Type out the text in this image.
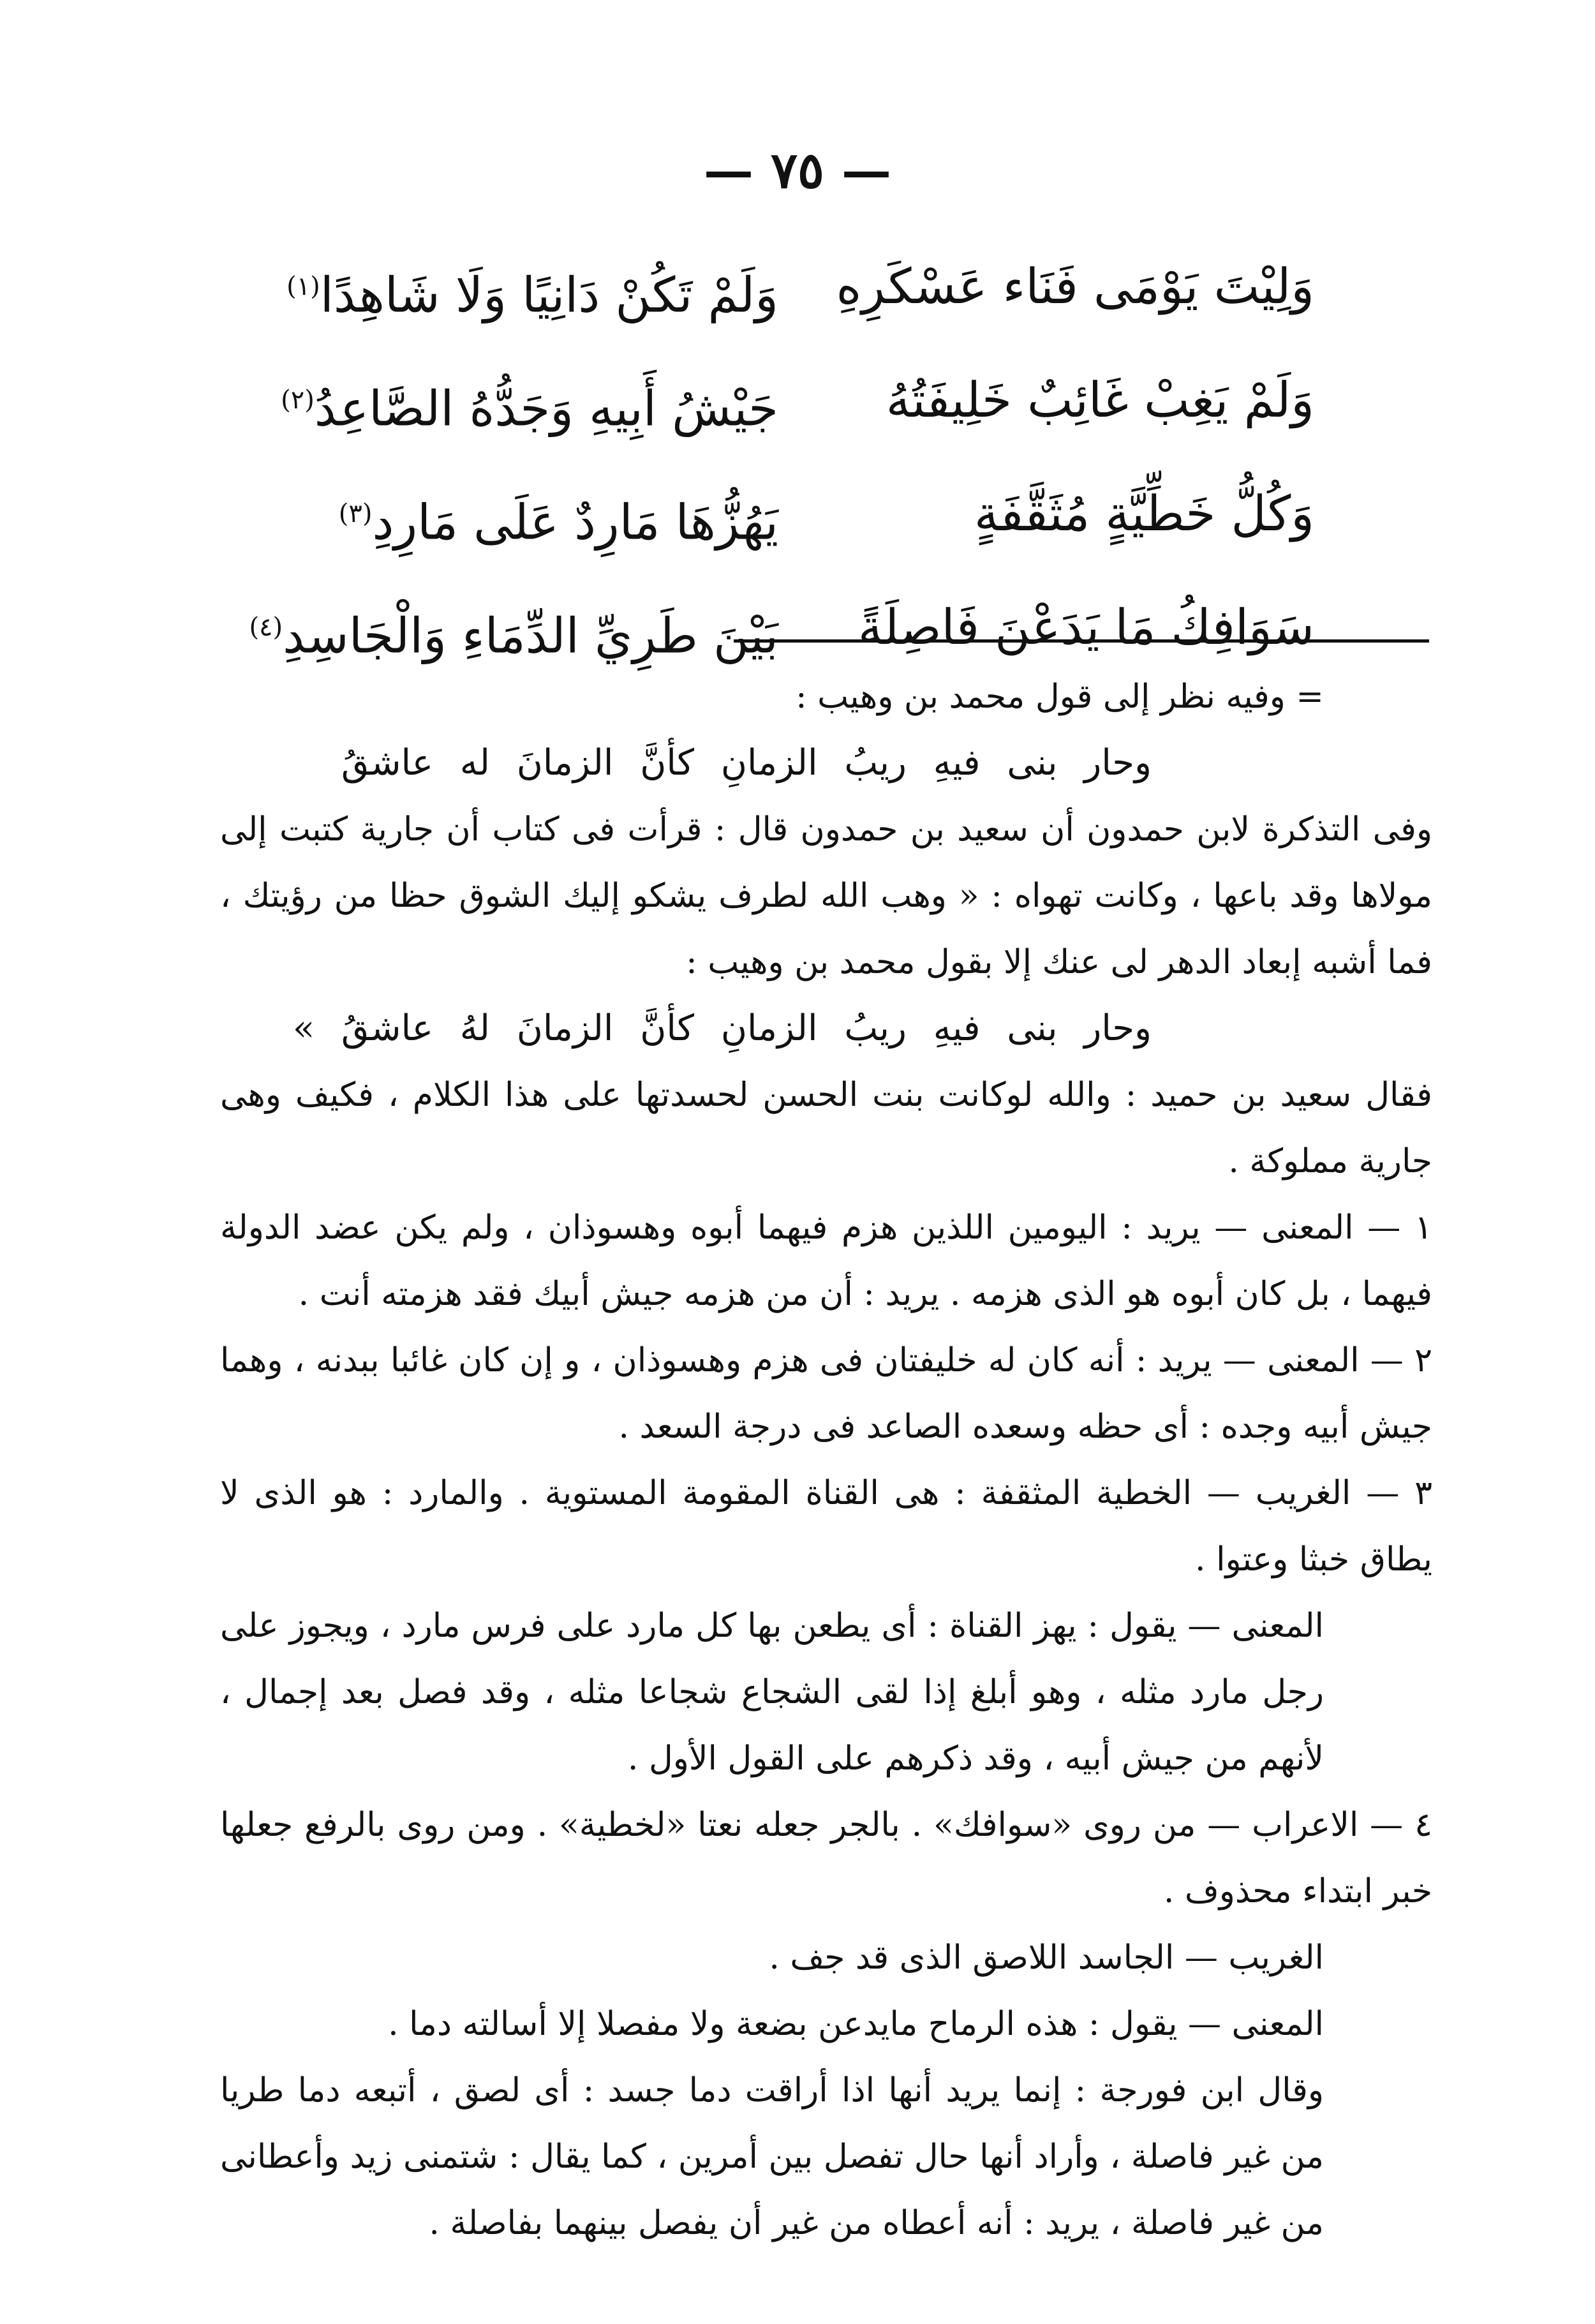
— ٧٥ —
وَلِيْتَ يَوْمَى فَنَاء عَسْكَرِهِ
وَلَمْ تَكُنْ دَانِيًا وَلَا شَاهِدًا$^{(١)}$
وَلَمْ يَغِبْ غَائِبٌ خَلِيفَتُهُ
جَيْشُ أَبِيهِ وَجَدُّهُ الصَّاعِدُ$^{(٢)}$
وَكُلُّ خَطِّيَّةٍ مُثَقَّفَةٍ
يَهُزُّهَا مَارِدٌ عَلَى مَارِدِ$^{(٣)}$
سَوَافِكُ مَا يَدَعْنَ فَاصِلَةً
بَيْنَ طَرِيِّ الدِّمَاءِ وَالْجَاسِدِ$^{(٤)}$

= وفيه نظر إلى قول محمد بن وهيب :

وحار بنى فيهِ ريبُ الزمانِ كأنَّ الزمانَ له عاشقُ

وفى التذكرة لابن حمدون أن سعيد بن حمدون قال : قرأت فى كتاب أن جارية كتبت إلى مولاها وقد باعها ، وكانت تهواه : « وهب الله لطرف يشكو إليك الشوق حظا من رؤيتك ، فما أشبه إبعاد الدهر لى عنك إلا بقول محمد بن وهيب :

وحار بنى فيهِ ريبُ الزمانِ كأنَّ الزمانَ لهُ عاشقُ »

فقال سعيد بن حميد : والله لوكانت بنت الحسن لحسدتها على هذا الكلام ، فكيف وهى جارية مملوكة .

١ — المعنى — يريد : اليومين اللذين هزم فيهما أبوه وهسوذان ، ولم يكن عضد الدولة فيهما ، بل كان أبوه هو الذى هزمه . يريد : أن من هزمه جيش أبيك فقد هزمته أنت .

٢ — المعنى — يريد : أنه كان له خليفتان فى هزم وهسوذان ، و إن كان غائبا ببدنه ، وهما جيش أبيه وجده : أى حظه وسعده الصاعد فى درجة السعد .

٣ — الغريب — الخطية المثقفة : هى القناة المقومة المستوية . والمارد : هو الذى لا يطاق خبثا وعتوا .

المعنى — يقول : يهز القناة : أى يطعن بها كل مارد على فرس مارد ، ويجوز على رجل مارد مثله ، وهو أبلغ إذا لقى الشجاع شجاعا مثله ، وقد فصل بعد إجمال ، لأنهم من جيش أبيه ، وقد ذكرهم على القول الأول .

٤ — الاعراب — من روى «سوافك» . بالجر جعله نعتا «لخطية» . ومن روى بالرفع جعلها خبر ابتداء محذوف .

الغريب — الجاسد اللاصق الذى قد جف .

المعنى — يقول : هذه الرماح مايدعن بضعة ولا مفصلا إلا أسالته دما .

وقال ابن فورجة : إنما يريد أنها اذا أراقت دما جسد : أى لصق ، أتبعه دما طريا من غير فاصلة ، وأراد أنها حال تفصل بين أمرين ، كما يقال : شتمنى زيد وأعطانى من غير فاصلة ، يريد : أنه أعطاه من غير أن يفصل بينهما بفاصلة .
